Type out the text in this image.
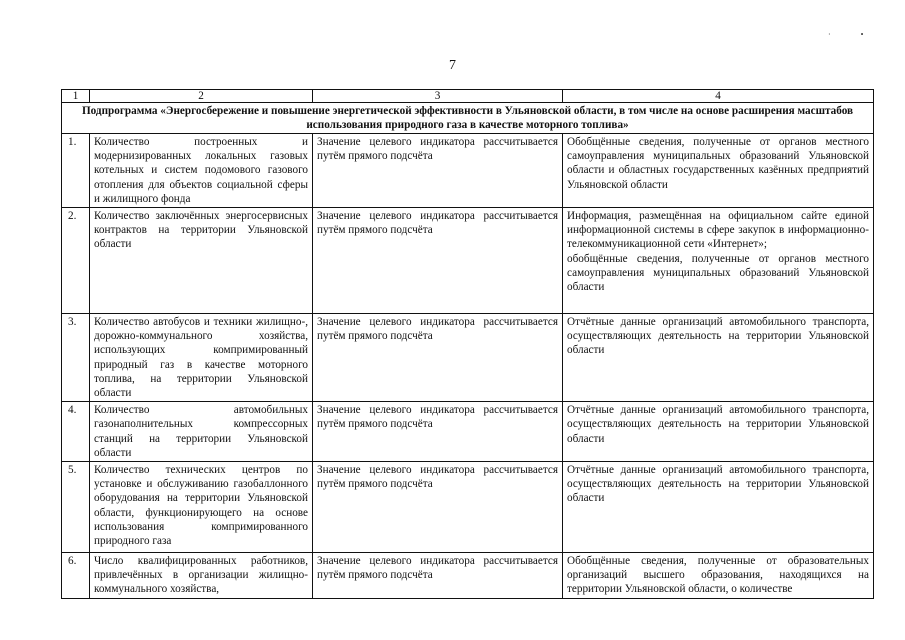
7
·•
1	2	3	4
Подпрограмма «Энергосбережение и повышение энергетической эффективности в Ульяновской области, в том числе на основе расширения масштабов использования природного газа в качестве моторного топлива»			
1.	Количество построенных и модернизированных локальных газовых котельных и систем подомового газового отопления для объектов социальной сферы и жилищного фонда	Значение целевого индикатора рассчитывается путём прямого подсчёта	Обобщённые сведения, полученные от органов местного самоуправления муниципальных образований Ульяновской области и областных государственных казённых предприятий Ульяновской области
2.	Количество заключённых энергосервисных контрактов на территории Ульяновской области	Значение целевого индикатора рассчитывается путём прямого подсчёта	Информация, размещённая на официальном сайте единой информационной системы в сфере закупок в информационно-телекоммуникационной сети «Интернет»;
обобщённые сведения, полученные от органов местного самоуправления муниципальных образований Ульяновской области

3.	Количество автобусов и техники жилищно-, дорожно-коммунального хозяйства, использующих компримированный природный газ в качестве моторного топлива, на территории Ульяновской области	Значение целевого индикатора рассчитывается путём прямого подсчёта	Отчётные данные организаций автомобильного транспорта, осуществляющих деятельность на территории Ульяновской области
4.	Количество автомобильных газонаполнительных компрессорных станций на территории Ульяновской области	Значение целевого индикатора рассчитывается путём прямого подсчёта	Отчётные данные организаций автомобильного транспорта, осуществляющих деятельность на территории Ульяновской области
5.	Количество технических центров по установке и обслуживанию газобаллонного оборудования на территории Ульяновской области, функционирующего на основе использования компримированного природного газа	Значение целевого индикатора рассчитывается путём прямого подсчёта	Отчётные данные организаций автомобильного транспорта, осуществляющих деятельность на территории Ульяновской области
6.	Число квалифицированных работников, привлечённых в организации жилищно-коммунального хозяйства,	Значение целевого индикатора рассчитывается путём прямого подсчёта	Обобщённые сведения, полученные от образовательных организаций высшего образования, находящихся на территории Ульяновской области, о количестве
